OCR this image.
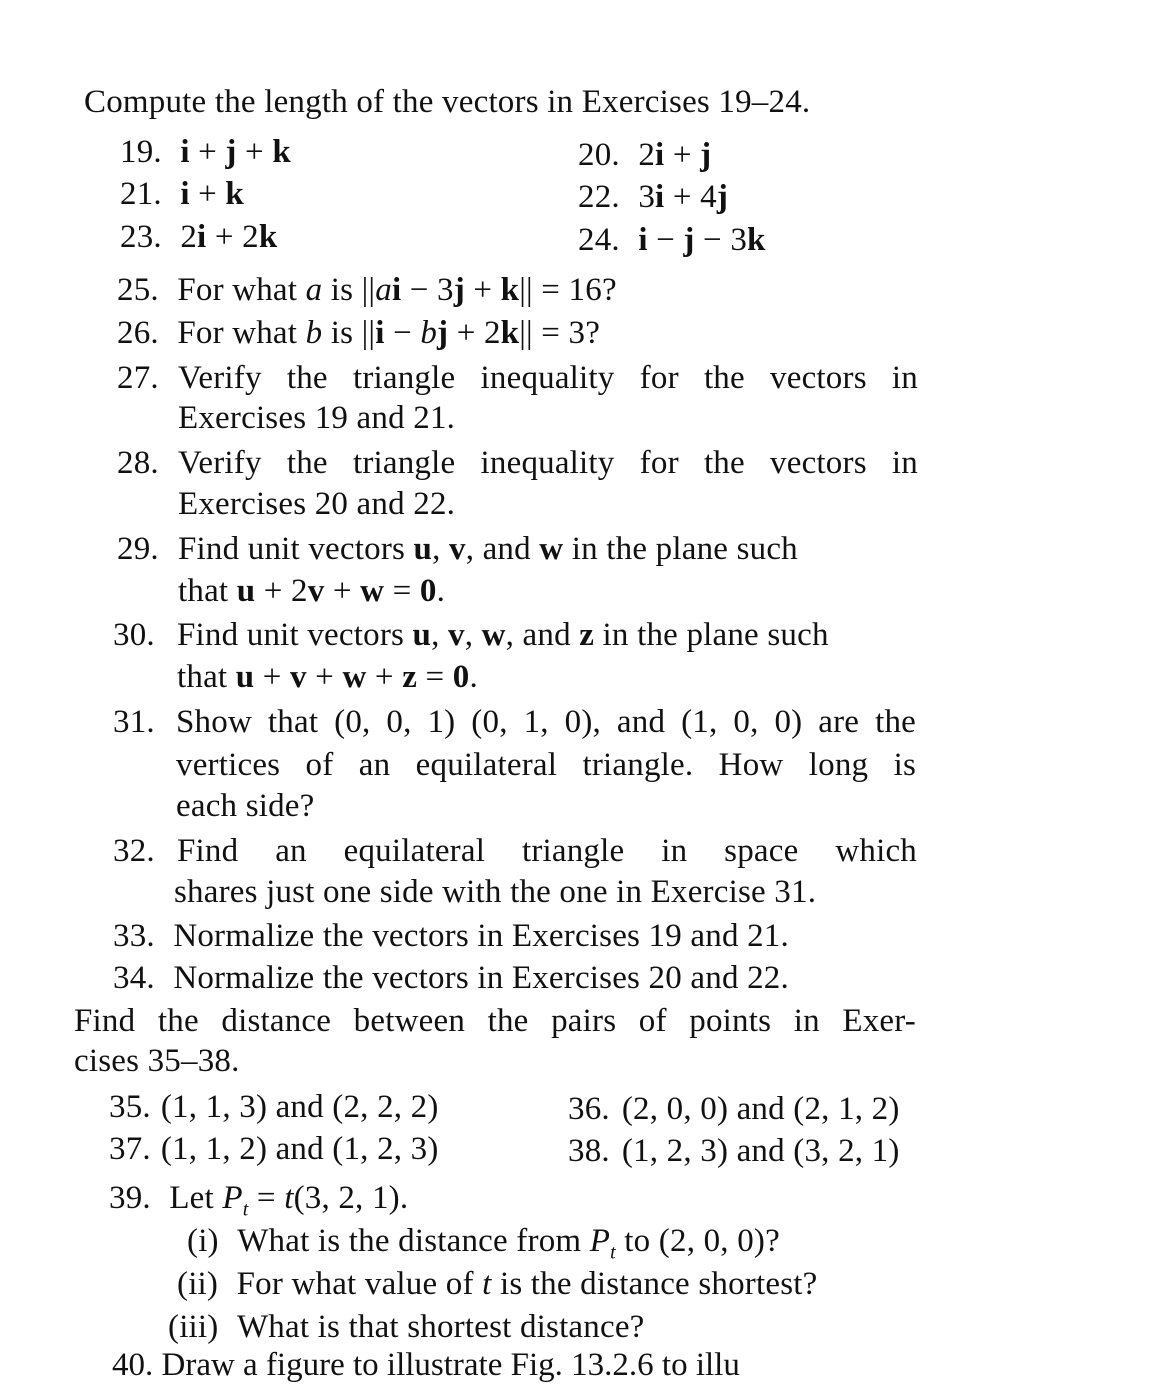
Compute the length of the vectors in Exercises 19–24.
19. i + j + k	20. 2i + j
21. i + k	22. 3i + 4j
23. 2i + 2k	24. i − j − 3k
25. For what a is ||ai − 3j + k|| = 16?
26. For what b is ||i − bj + 2k|| = 3?
27. Verify the triangle inequality for the vectors in
Exercises 19 and 21.
28. Verify the triangle inequality for the vectors in
Exercises 20 and 22.
29. Find unit vectors u, v, and w in the plane such
that u + 2v + w = 0.
30. Find unit vectors u, v, w, and z in the plane such
that u + v + w + z = 0.
31. Show that (0, 0, 1) (0, 1, 0), and (1, 0, 0) are the
vertices of an equilateral triangle. How long is
each side?
32. Find an equilateral triangle in space which
shares just one side with the one in Exercise 31.
33. Normalize the vectors in Exercises 19 and 21.
34. Normalize the vectors in Exercises 20 and 22.
Find the distance between the pairs of points in Exer-
cises 35–38.
35. (1, 1, 3) and (2, 2, 2)	36. (2, 0, 0) and (2, 1, 2)
37. (1, 1, 2) and (1, 2, 3)	38. (1, 2, 3) and (3, 2, 1)
39. Let $P_t = t(3$, 2, 1).
(i) What is the distance from $P_t$ to (2, 0, 0)?
(ii) For what value of t is the distance shortest?
(iii) What is that shortest distance?
40. Draw a figure to illustrate Fig. 13.2.6 to illu
